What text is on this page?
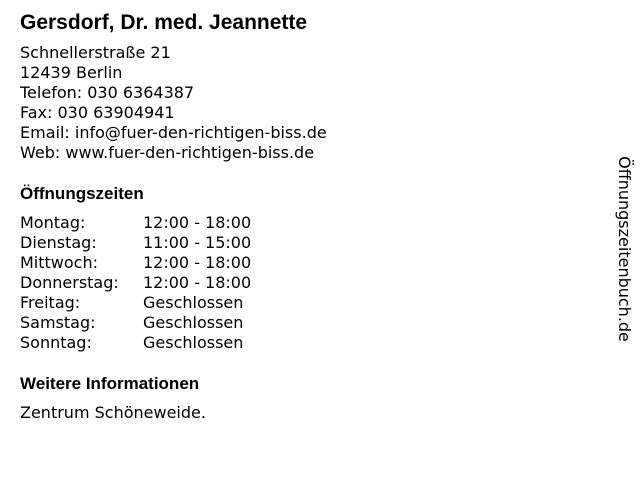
Gersdorf, Dr. med. Jeannette
Schnellerstraße 21
12439 Berlin
Telefon: 030 6364387
Fax: 030 63904941
Email: info@fuer-den-richtigen-biss.de
Web: www.fuer-den-richtigen-biss.de
Öffnungszeiten
Montag:	12:00 - 18:00
Dienstag:	11:00 - 15:00
Mittwoch:	12:00 - 18:00
Donnerstag: 12:00 - 18:00
Freitag:	Geschlossen
Samstag:	Geschlossen
Sonntag:	Geschlossen
Weitere Informationen
Zentrum Schöneweide.
Öffnungszeitenbuch.de
